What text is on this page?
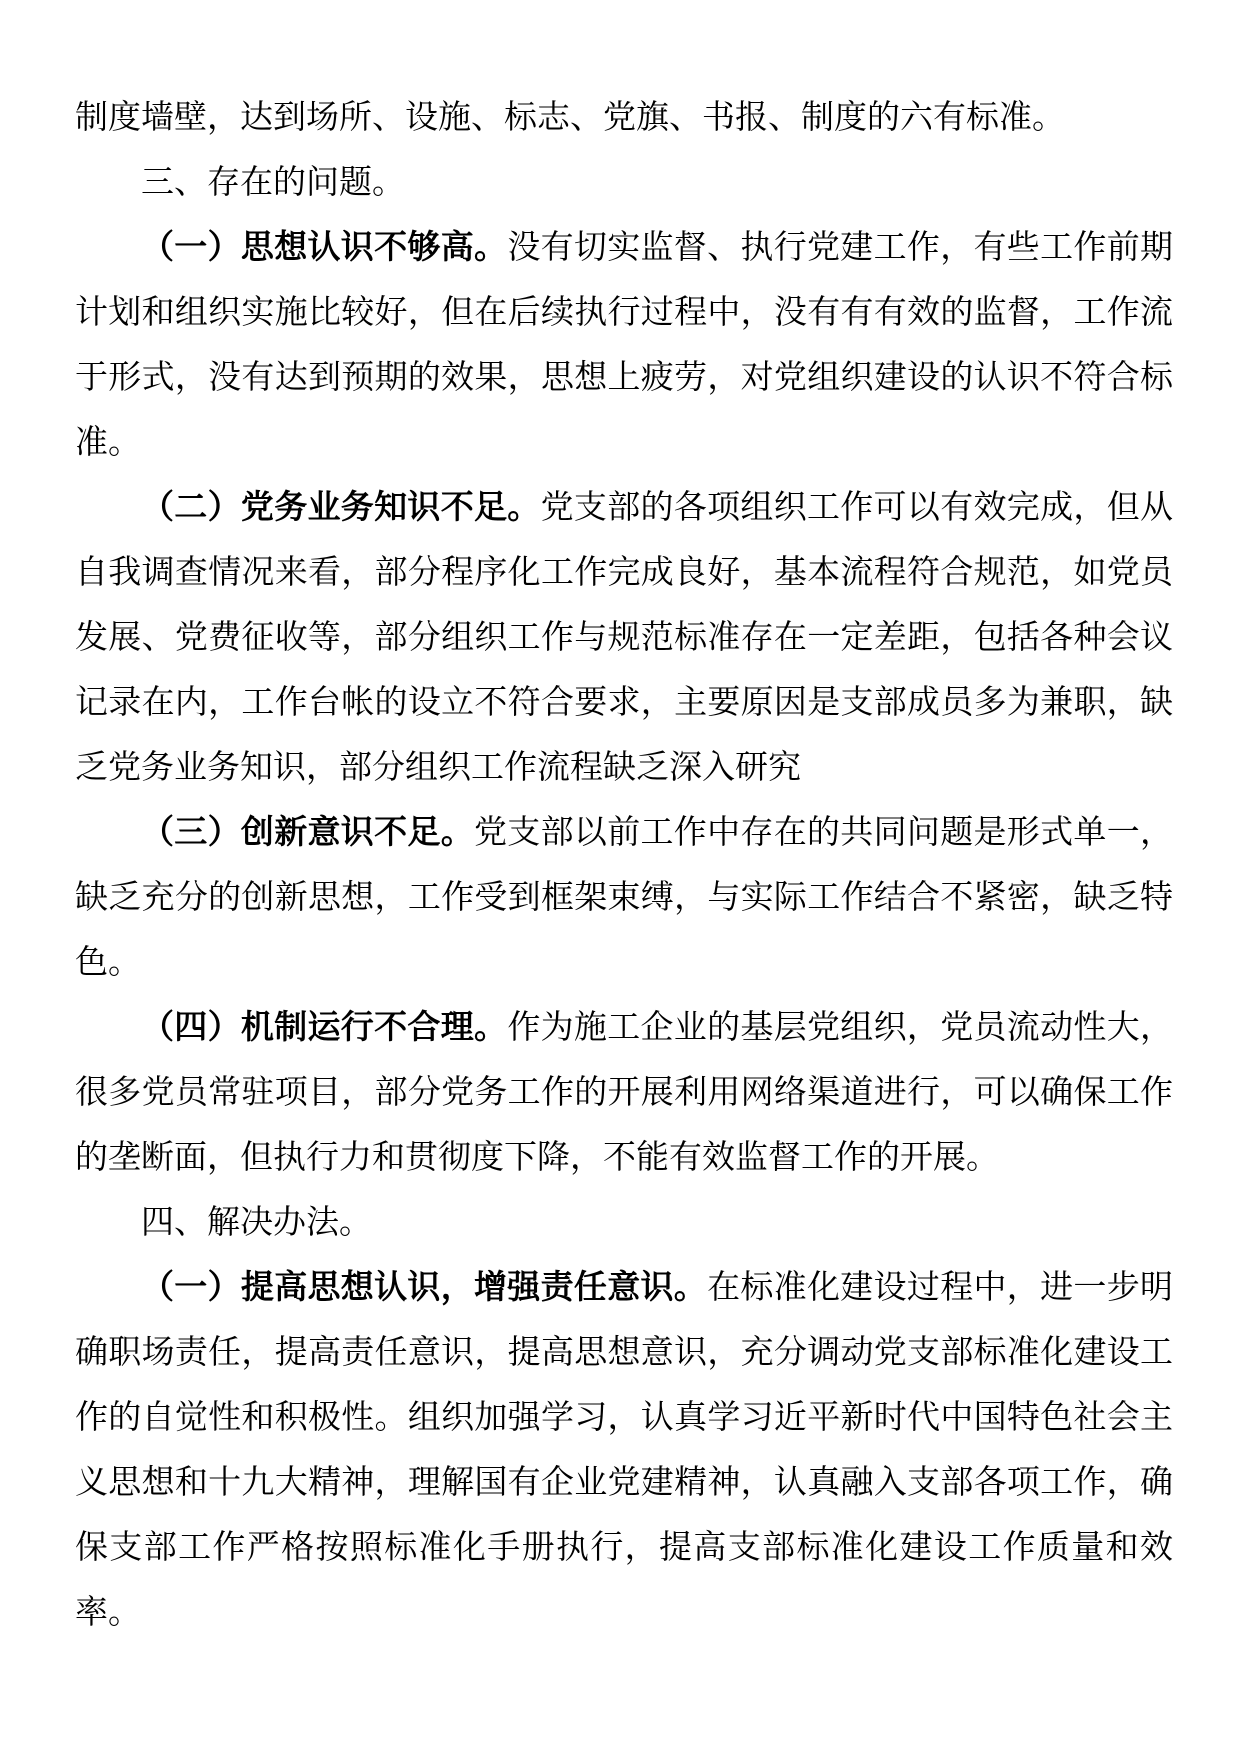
制度墙壁，达到场所、设施、标志、党旗、书报、制度的六有标准。

三、存在的问题。

（一）思想认识不够高。没有切实监督、执行党建工作，有些工作前期计划和组织实施比较好，但在后续执行过程中，没有有有效的监督，工作流于形式，没有达到预期的效果，思想上疲劳，对党组织建设的认识不符合标准。

（二）党务业务知识不足。党支部的各项组织工作可以有效完成，但从自我调查情况来看，部分程序化工作完成良好，基本流程符合规范，如党员发展、党费征收等，部分组织工作与规范标准存在一定差距，包括各种会议记录在内，工作台帐的设立不符合要求，主要原因是支部成员多为兼职，缺乏党务业务知识，部分组织工作流程缺乏深入研究

（三）创新意识不足。党支部以前工作中存在的共同问题是形式单一，缺乏充分的创新思想，工作受到框架束缚，与实际工作结合不紧密，缺乏特色。

（四）机制运行不合理。作为施工企业的基层党组织，党员流动性大，很多党员常驻项目，部分党务工作的开展利用网络渠道进行，可以确保工作的垄断面，但执行力和贯彻度下降，不能有效监督工作的开展。

四、解决办法。

（一）提高思想认识，增强责任意识。在标准化建设过程中，进一步明确职场责任，提高责任意识，提高思想意识，充分调动党支部标准化建设工作的自觉性和积极性。组织加强学习，认真学习近平新时代中国特色社会主义思想和十九大精神，理解国有企业党建精神，认真融入支部各项工作，确保支部工作严格按照标准化手册执行，提高支部标准化建设工作质量和效率。
